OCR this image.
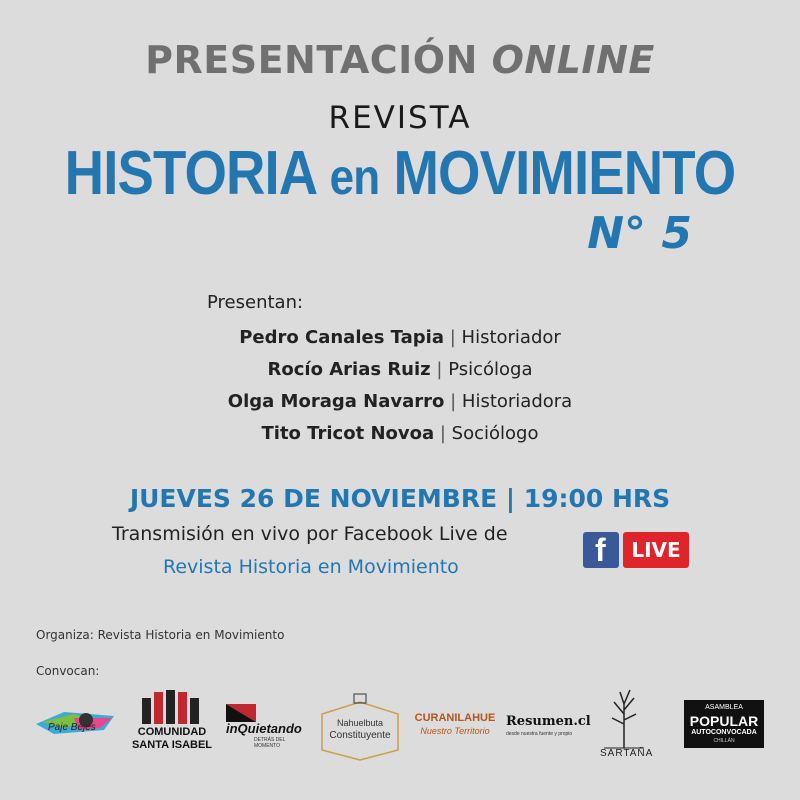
PRESENTACIÓN ONLINE
REVISTA
HISTORIA en MOVIMIENTO
N° 5
Presentan:
Pedro Canales Tapia | Historiador
Rocío Arias Ruiz | Psicóloga
Olga Moraga Navarro | Historiadora
Tito Tricot Novoa | Sociólogo
JUEVES 26 DE NOVIEMBRE | 19:00 HRS
Transmisión en vivo por Facebook Live de
Revista Historia en Movimiento	f	LIVE
Organiza: Revista Historia en Movimiento
Convocan:
Paje Bejes	COMUNIDAD
SANTA ISABEL
inQuietando
DETRÁS DEL MOMENTO
Nahuelbuta
Constituyente
CURANILAHUE
Nuestro Territorio
Resumen.cl
desde nuestra fuente y propio
SARTAÑA
ASAMBLEA
POPULAR
AUTOCONVOCADA
CHILLÁN
